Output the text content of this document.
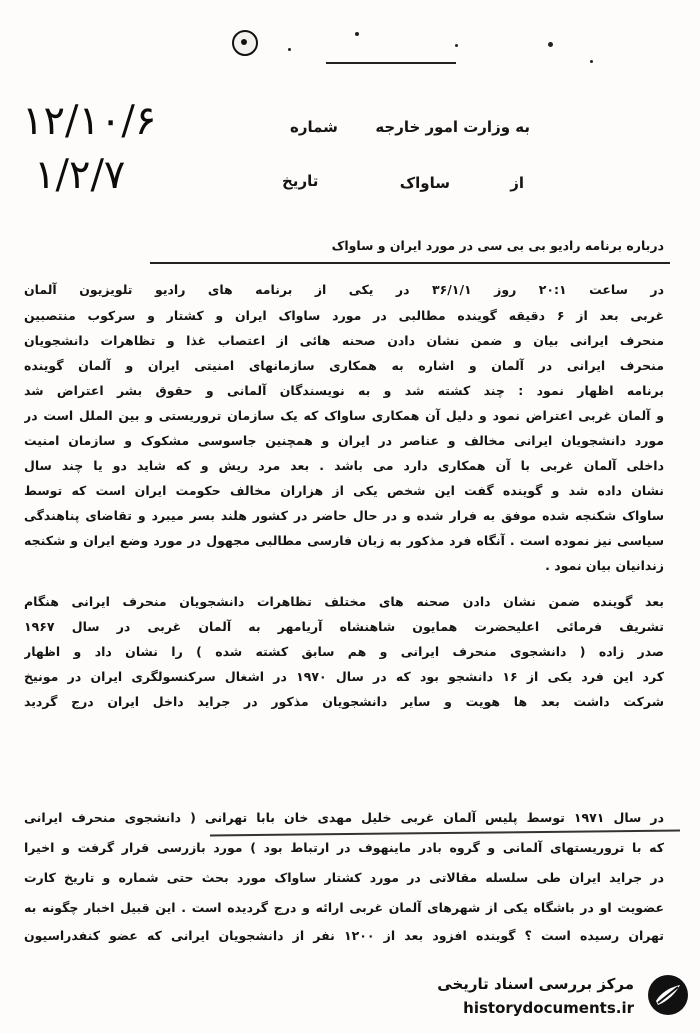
به وزارت امور خارجه
شماره
۱۲/۱۰/۶
از
ساواک
تاریخ
۱/۲/۷
درباره برنامه رادیو بی بی سی در مورد ایران و ساواک
در ساعت ۲۰:۱ روز ۳۶/۱/۱ در یکی از برنامه های رادیو تلویزیون آلمان
غربی بعد از ۶ دقیقه گوینده مطالبی در مورد ساواک ایران و کشتار و سرکوب منتصبین
منحرف ایرانی بیان و ضمن نشان دادن صحنه هائی از اعتصاب غذا و تظاهرات دانشجویان
منحرف ایرانی در آلمان و اشاره به همکاری سازمانهای امنیتی ایران و آلمان گوینده
برنامه اظهار نمود : چند کشته شد و به نویسندگان آلمانی و حقوق بشر اعتراض شد
و آلمان غربی اعتراض نمود و دلیل آن همکاری ساواک که یک سازمان تروریستی و بین الملل است در
مورد دانشجویان ایرانی مخالف و عناصر در ایران و همچنین جاسوسی مشکوک و سازمان امنیت
داخلی آلمان غربی با آن همکاری دارد می باشد . بعد مرد ریش و که شاید دو یا چند سال
نشان داده شد و گوینده گفت این شخص یکی از هزاران مخالف حکومت ایران است که توسط
ساواک شکنجه شده موفق به فرار شده و در حال حاضر در کشور هلند بسر میبرد و تقاضای پناهندگی
سیاسی نیز نموده است . آنگاه فرد مذکور به زبان فارسی مطالبی مجهول در مورد وضع ایران و شکنجه
زندانیان بیان نمود .
بعد گوینده ضمن نشان دادن صحنه های مختلف تظاهرات دانشجویان منحرف ایرانی هنگام
تشریف فرمائی اعلیحضرت همایون شاهنشاه آریامهر به آلمان غربی در سال ۱۹۶۷
صدر زاده ( دانشجوی منحرف ایرانی و هم سابق کشته شده ) را نشان داد و اظهار
کرد این فرد یکی از ۱۶ دانشجو بود که در سال ۱۹۷۰ در اشغال سرکنسولگری ایران در مونیخ
شرکت داشت بعد ها هویت و سایر دانشجویان مذکور در جراید داخل ایران درج گردید
در سال ۱۹۷۱ توسط پلیس آلمان غربی خلیل مهدی خان بابا تهرانی ( دانشجوی منحرف ایرانی
که با تروریستهای آلمانی و گروه بادر ماینهوف در ارتباط بود ) مورد بازرسی قرار گرفت و اخیرا
در جراید ایران طی سلسله مقالاتی در مورد کشتار ساواک مورد بحث حتی شماره و تاریخ کارت
عضویت او در باشگاه یکی از شهرهای آلمان غربی ارائه و درج گردیده است . این قبیل اخبار چگونه به
تهران رسیده است ؟ گوینده افزود بعد از ۱۲۰۰ نفر از دانشجویان ایرانی که عضو کنفدراسیون
مرکز بررسی اسناد تاریخی
historydocuments.ir
